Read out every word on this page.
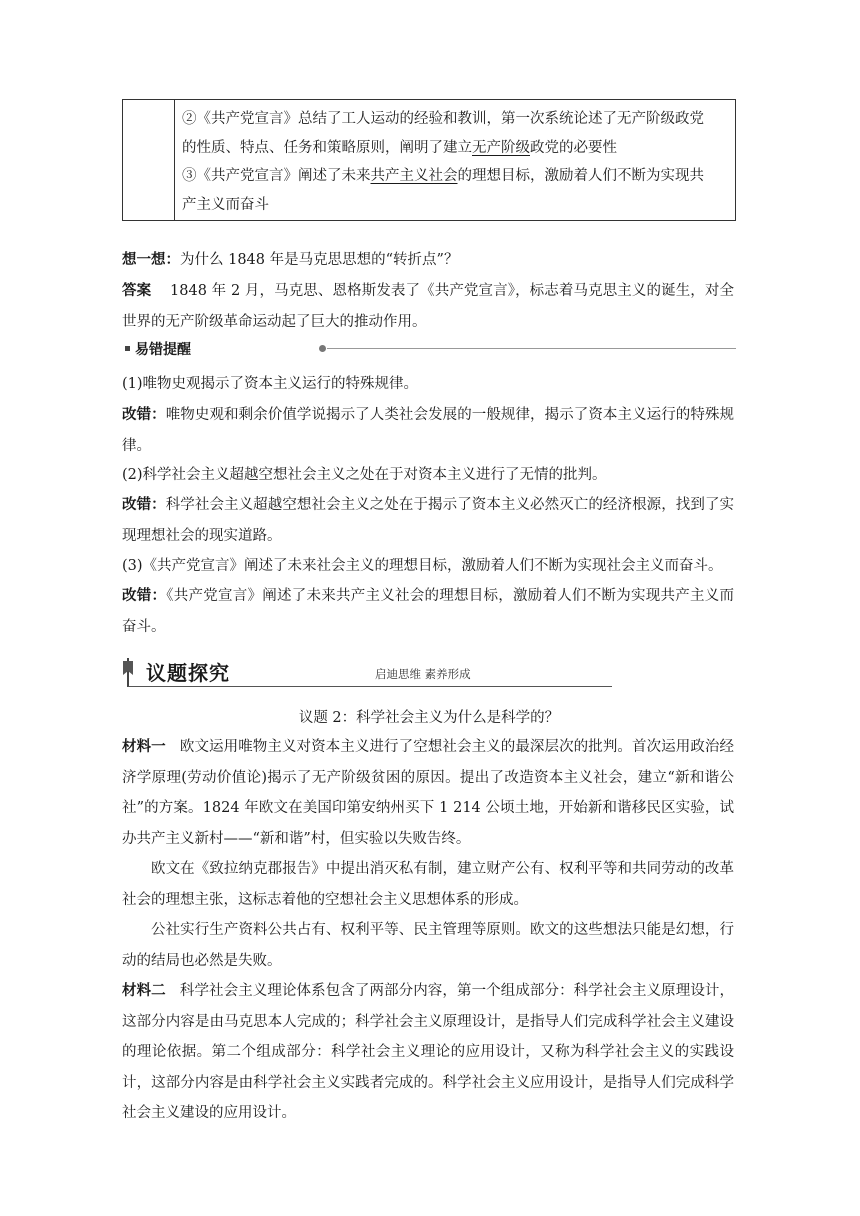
②《共产党宣言》总结了工人运动的经验和教训，第一次系统论述了无产阶级政党
的性质、特点、任务和策略原则，阐明了建立无产阶级政党的必要性
③《共产党宣言》阐述了未来共产主义社会的理想目标，激励着人们不断为实现共
产主义而奋斗
想一想：为什么 1848 年是马克思思想的“转折点”？
答案 1848 年 2 月，马克思、恩格斯发表了《共产党宣言》，标志着马克思主义的诞生，对全世界的无产阶级革命运动起了巨大的推动作用。
易错提醒
(1)唯物史观揭示了资本主义运行的特殊规律。
改错：唯物史观和剩余价值学说揭示了人类社会发展的一般规律，揭示了资本主义运行的特殊规律。
(2)科学社会主义超越空想社会主义之处在于对资本主义进行了无情的批判。
改错：科学社会主义超越空想社会主义之处在于揭示了资本主义必然灭亡的经济根源，找到了实现理想社会的现实道路。
(3)《共产党宣言》阐述了未来社会主义的理想目标，激励着人们不断为实现社会主义而奋斗。
改错：《共产党宣言》阐述了未来共产主义社会的理想目标，激励着人们不断为实现共产主义而奋斗。
议题探究	启迪思维 素养形成
议题 2：科学社会主义为什么是科学的？
材料一 欧文运用唯物主义对资本主义进行了空想社会主义的最深层次的批判。首次运用政治经济学原理(劳动价值论)揭示了无产阶级贫困的原因。提出了改造资本主义社会，建立“新和谐公社”的方案。1824 年欧文在美国印第安纳州买下 1 214 公顷土地，开始新和谐移民区实验，试办共产主义新村——“新和谐”村，但实验以失败告终。
欧文在《致拉纳克郡报告》中提出消灭私有制，建立财产公有、权利平等和共同劳动的改革社会的理想主张，这标志着他的空想社会主义思想体系的形成。
公社实行生产资料公共占有、权利平等、民主管理等原则。欧文的这些想法只能是幻想，行动的结局也必然是失败。
材料二 科学社会主义理论体系包含了两部分内容，第一个组成部分：科学社会主义原理设计，这部分内容是由马克思本人完成的；科学社会主义原理设计，是指导人们完成科学社会主义建设的理论依据。第二个组成部分：科学社会主义理论的应用设计，又称为科学社会主义的实践设计，这部分内容是由科学社会主义实践者完成的。科学社会主义应用设计，是指导人们完成科学社会主义建设的应用设计。
